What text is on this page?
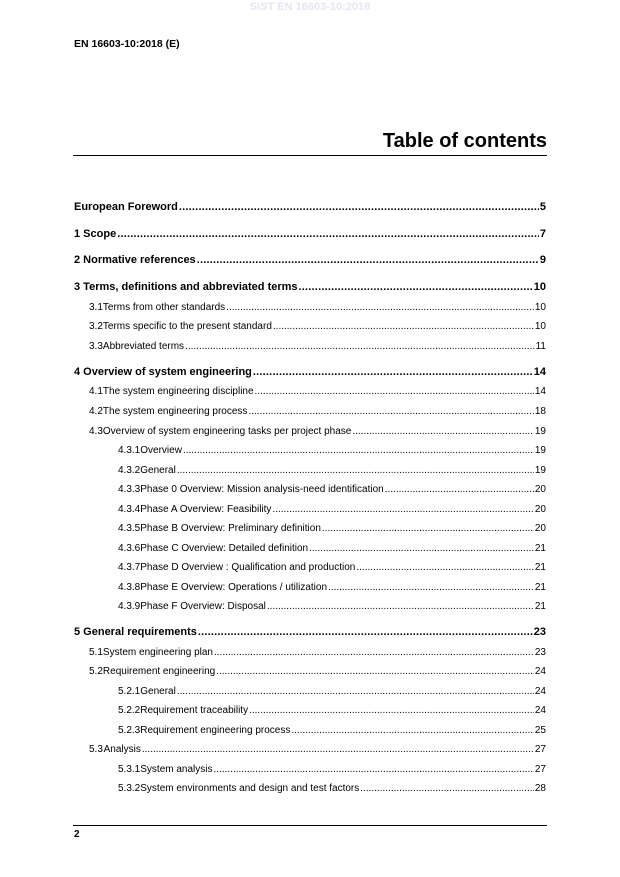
SIST EN 16603-10:2018
EN 16603-10:2018 (E)
Table of contents
European Foreword .....	5
1 Scope .....	7
2 Normative references .....	9
3 Terms, definitions and abbreviated terms .....	10
3.1 Terms from other standards .....	10
3.2 Terms specific to the present standard .....	10
3.3 Abbreviated terms .....	11
4 Overview of system engineering .....	14
4.1 The system engineering discipline .....	14
4.2 The system engineering process .....	18
4.3 Overview of system engineering tasks per project phase .....	19
4.3.1 Overview .....	19
4.3.2 General .....	19
4.3.3 Phase 0 Overview: Mission analysis-need identification .....	20
4.3.4 Phase A Overview: Feasibility .....	20
4.3.5 Phase B Overview: Preliminary definition .....	20
4.3.6 Phase C Overview: Detailed definition .....	21
4.3.7 Phase D Overview : Qualification and production .....	21
4.3.8 Phase E Overview: Operations / utilization .....	21
4.3.9 Phase F Overview: Disposal .....	21
5 General requirements .....	23
5.1 System engineering plan .....	23
5.2 Requirement engineering .....	24
5.2.1 General .....	24
5.2.2 Requirement traceability .....	24
5.2.3 Requirement engineering process .....	25
5.3 Analysis .....	27
5.3.1 System analysis .....	27
5.3.2 System environments and design and test factors .....	28
2
